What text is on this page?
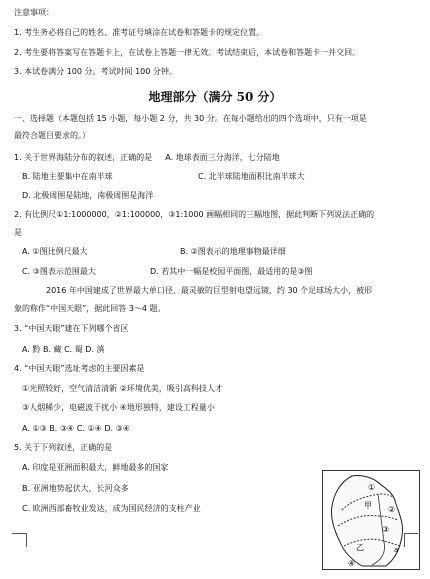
注意事项：
1. 考生务必将自己的姓名、准考证号填涂在试卷和答题卡的规定位置。
2. 考生要将答案写在答题卡上，在试卷上答题一律无效。考试结束后，本试卷和答题卡一并交回。
3. 本试卷满分 100 分。考试时间 100 分钟。
地理部分（满分 50 分）
一、选择题（本题包括 15 小题，每小题 2 分，共 30 分。在每小题给出的四个选项中，只有一项是
最符合题目要求的。）
1. 关于世界海陆分布的叙述，正确的是 A. 地球表面三分海洋，七分陆地
B. 陆地主要集中在南半球	C. 北半球陆地面积比南半球大
D. 北极周围是陆地，南极周围是海洋
2. 有比例尺①1:1000000，②1:100000，③1:1000 画幅相同的三幅地图，据此判断下列说法正确的
是
A. ①图比例尺最大	B. ②图表示的地理事物最详细
C. ③图表示范围最大	D. 若其中一幅是校园平面图，最适用的是③图
2016 年中国建成了世界最大单口径、最灵敏的巨型射电望远镜，约 30 个足球场大小，被形
象的称作“中国天眼”，据此回答 3～4 题。
3. “中国天眼”建在下列哪个省区
A. 黔 B. 藏 C. 蜀 D. 滇
4. “中国天眼”选址考虑的主要因素是
①光照较好，空气清洁清新 ②环境优美，吸引高科技人才
③人烟稀少，电磁波干扰小 ④地形独特，建设工程量小
A. ①③ B. ③④ C. ①④ D. ③④
5. 关于下列叙述，正确的是
A. 印度是亚洲面积最大，鲜地最多的国家
B. 亚洲地势起伏大，长河众多
C. 欧洲西部畜牧业发达，成为国民经济的支柱产业
①
甲 ②
③
乙	a
④
